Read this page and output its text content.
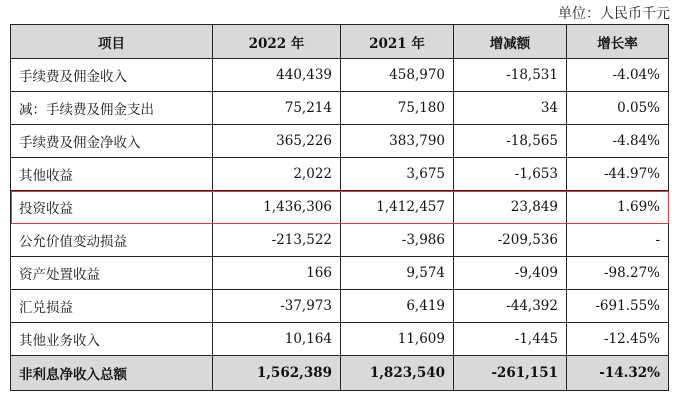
单位：人民币千元
项目	2022 年	2021 年	增减额	增长率
手续费及佣金收入	440,439	458,970	-18,531	-4.04%
减：手续费及佣金支出	75,214	75,180	34	0.05%
手续费及佣金净收入	365,226	383,790	-18,565	-4.84%
其他收益	2,022	3,675	-1,653	-44.97%
投资收益	1,436,306	1,412,457	23,849	1.69%
公允价值变动损益	-213,522	-3,986	-209,536	-
资产处置收益	166	9,574	-9,409	-98.27%
汇兑损益	-37,973	6,419	-44,392	-691.55%
其他业务收入	10,164	11,609	-1,445	-12.45%
非利息净收入总额	1,562,389	1,823,540	-261,151	-14.32%
